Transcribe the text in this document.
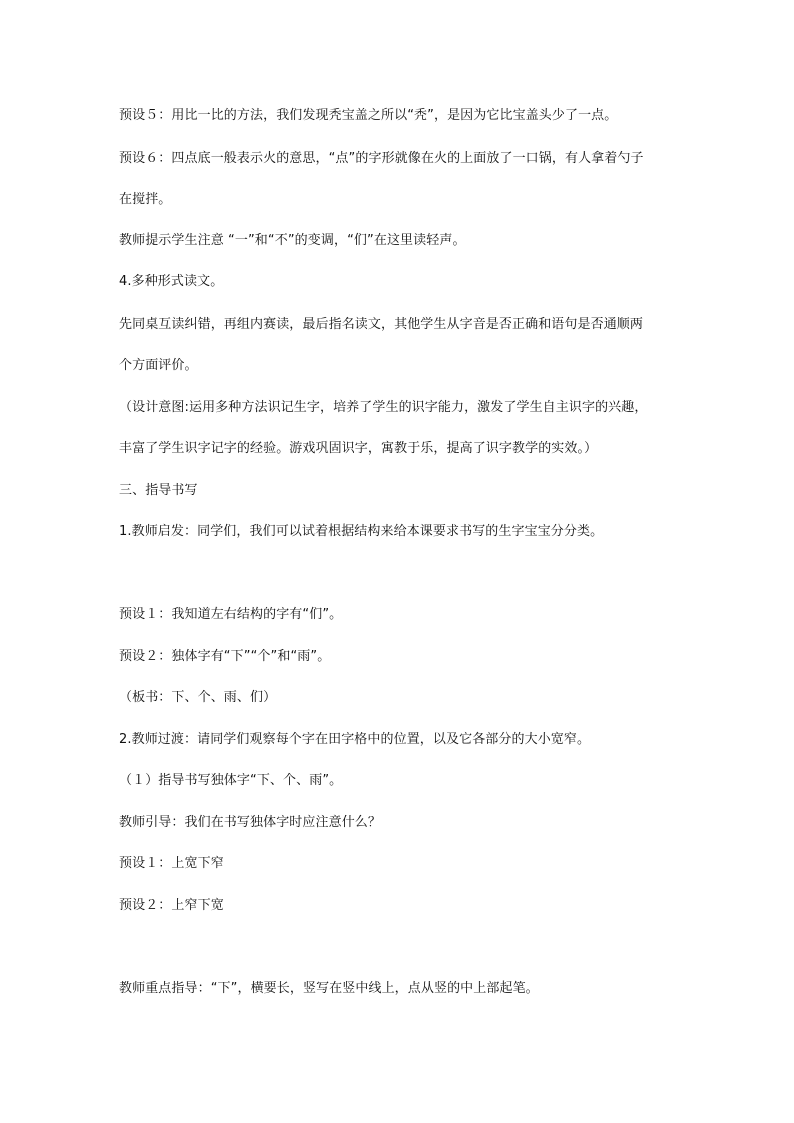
预设５：用比一比的方法，我们发现秃宝盖之所以“秃”，是因为它比宝盖头少了一点。
预设６：四点底一般表示火的意思，“点”的字形就像在火的上面放了一口锅，有人拿着勺子
在搅拌。
教师提示学生注意 “一”和“不”的变调，“们”在这里读轻声。
4.多种形式读文。
先同桌互读纠错，再组内赛读，最后指名读文，其他学生从字音是否正确和语句是否通顺两
个方面评价。
（设计意图:运用多种方法识记生字，培养了学生的识字能力，激发了学生自主识字的兴趣，
丰富了学生识字记字的经验。游戏巩固识字，寓教于乐，提高了识字教学的实效。）
三、指导书写
1.教师启发：同学们，我们可以试着根据结构来给本课要求书写的生字宝宝分分类。
预设１：我知道左右结构的字有“们”。
预设２：独体字有“下”“个”和“雨”。
（板书：下、个、雨、们）
2.教师过渡：请同学们观察每个字在田字格中的位置，以及它各部分的大小宽窄。
（１）指导书写独体字“下、个、雨”。
教师引导：我们在书写独体字时应注意什么？
预设１：上宽下窄
预设２：上窄下宽
教师重点指导：“下”，横要长，竖写在竖中线上，点从竖的中上部起笔。
